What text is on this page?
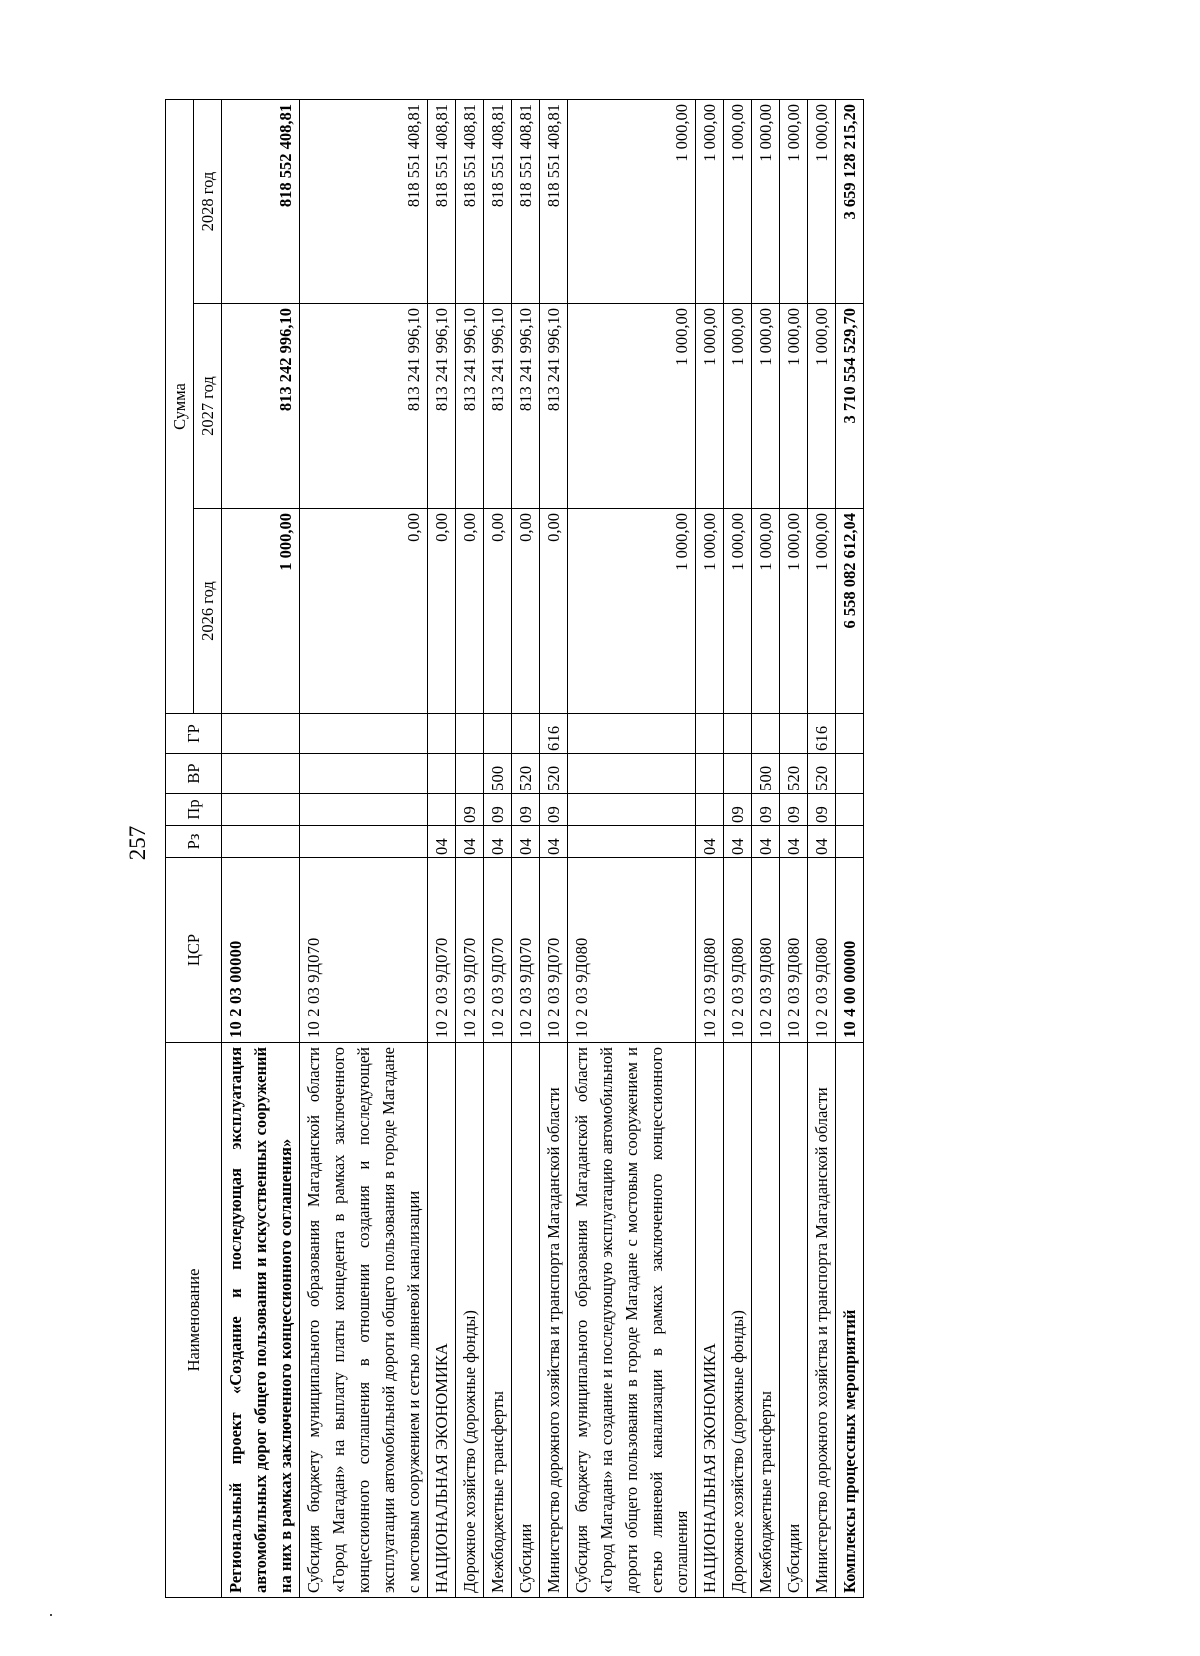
257
Наименование	ЦСР	Рз	Пр	ВР	ГР	Сумма		
						2026 год	2027 год	2028 год
Региональный проект «Создание и последующая эксплуатация автомобильных дорог общего пользования и искусственных сооружений на них в рамках заключенного концессионного соглашения»	10 2 03 00000					1 000,00	813 242 996,10	818 552 408,81
Субсидия бюджету муниципального образования Магаданской области «Город Магадан» на выплату платы концедента в рамках заключенного концессионного соглашения в отношении создания и последующей эксплуатации автомобильной дороги общего пользования в городе Магадане с мостовым сооружением и сетью ливневой канализации	10 2 03 9Д070					0,00	813 241 996,10	818 551 408,81
НАЦИОНАЛЬНАЯ ЭКОНОМИКА	10 2 03 9Д070	04				0,00	813 241 996,10	818 551 408,81
Дорожное хозяйство (дорожные фонды)	10 2 03 9Д070	04	09			0,00	813 241 996,10	818 551 408,81
Межбюджетные трансферты	10 2 03 9Д070	04	09	500		0,00	813 241 996,10	818 551 408,81
Субсидии	10 2 03 9Д070	04	09	520		0,00	813 241 996,10	818 551 408,81
Министерство дорожного хозяйства и транспорта Магаданской области	10 2 03 9Д070	04	09	520	616	0,00	813 241 996,10	818 551 408,81
Субсидия бюджету муниципального образования Магаданской области «Город Магадан» на создание и последующую эксплуатацию автомобильной дороги общего пользования в городе Магадане с мостовым сооружением и сетью ливневой канализации в рамках заключенного концессионного соглашения	10 2 03 9Д080					1 000,00	1 000,00	1 000,00
НАЦИОНАЛЬНАЯ ЭКОНОМИКА	10 2 03 9Д080	04				1 000,00	1 000,00	1 000,00
Дорожное хозяйство (дорожные фонды)	10 2 03 9Д080	04	09			1 000,00	1 000,00	1 000,00
Межбюджетные трансферты	10 2 03 9Д080	04	09	500		1 000,00	1 000,00	1 000,00
Субсидии	10 2 03 9Д080	04	09	520		1 000,00	1 000,00	1 000,00
Министерство дорожного хозяйства и транспорта Магаданской области	10 2 03 9Д080	04	09	520	616	1 000,00	1 000,00	1 000,00
Комплексы процессных мероприятий	10 4 00 00000					6 558 082 612,04	3 710 554 529,70	3 659 128 215,20
